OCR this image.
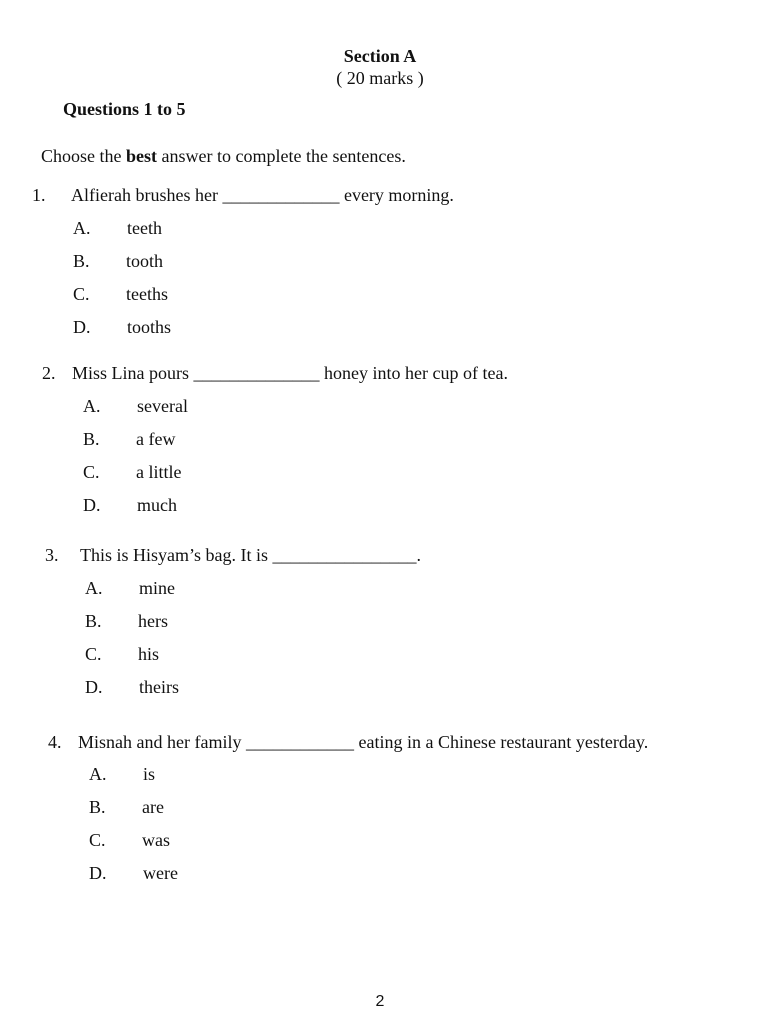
Section A
( 20 marks )
Questions 1 to 5
Choose the best answer to complete the sentences.
1. Alfierah brushes her _____________ every morning.
A. teeth
B. tooth
C. teeths
D. tooths
2. Miss Lina pours ______________ honey into her cup of tea.
A. several
B. a few
C. a little
D. much
3. This is Hisyam’s bag. It is ________________.
A. mine
B. hers
C. his
D. theirs
4. Misnah and her family ____________ eating in a Chinese restaurant yesterday.
A. is
B. are
C. was
D. were
2
